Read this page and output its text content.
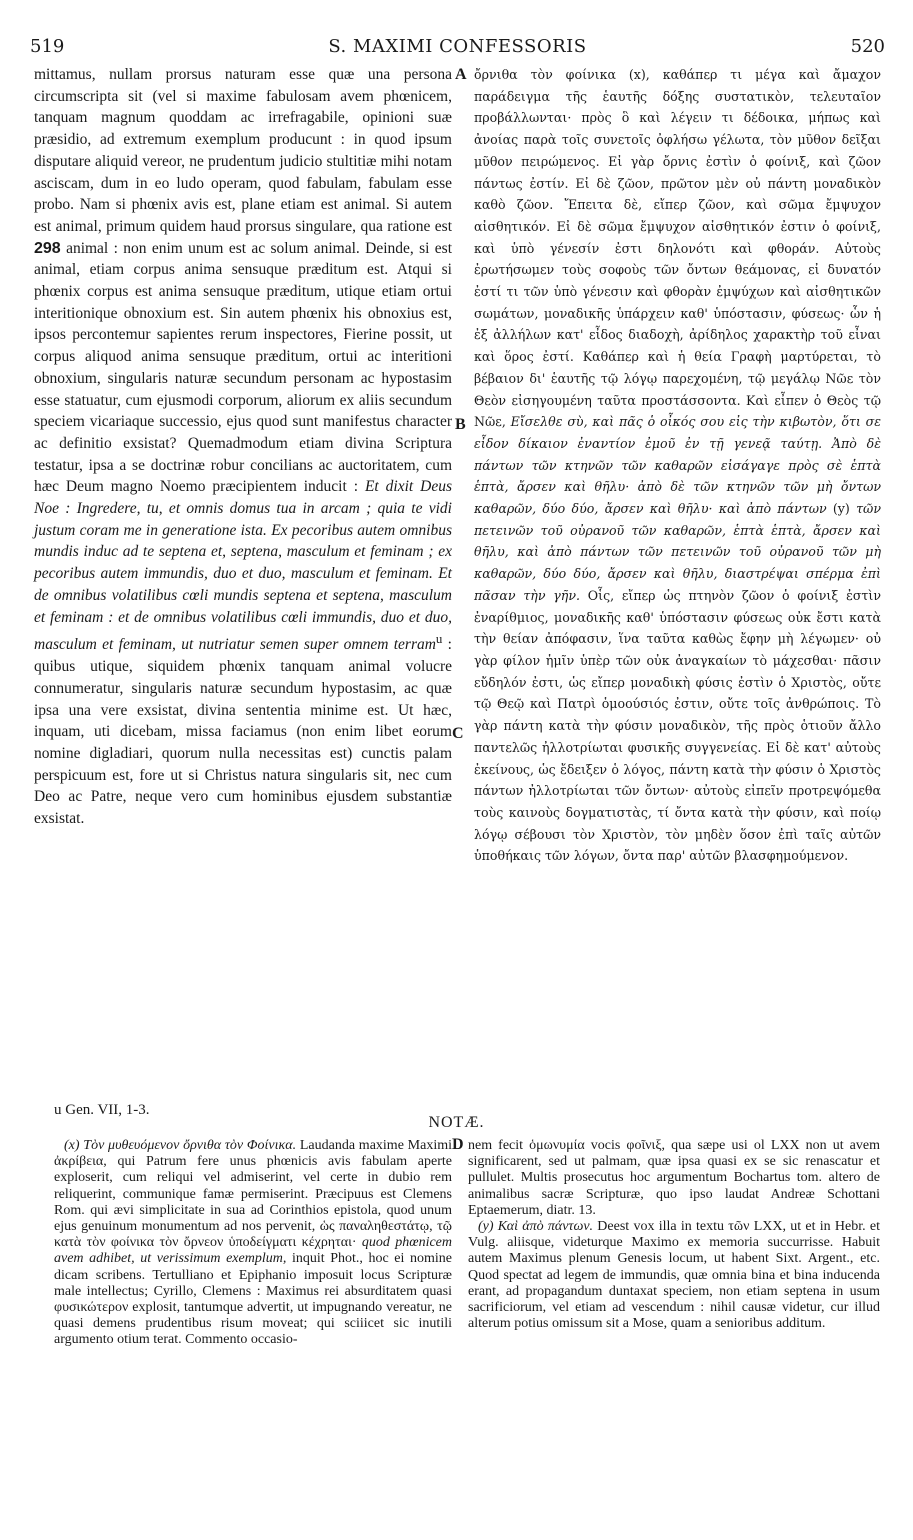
519	S. MAXIMI CONFESSORIS	520

mittamus, nullam prorsus naturam esse quæ una persona circumscripta sit (vel si maxime fabulosam avem phœnicem, tanquam magnum quoddam ac irrefragabile, opinioni suæ præsidio, ad extremum exemplum producunt : in quod ipsum disputare aliquid vereor, ne prudentum judicio stultitiæ mihi notam asciscam, dum in eo ludo operam, quod fabulam, fabulam esse probo. Nam si phœnix avis est, plane etiam est animal. Si autem est animal, primum quidem haud prorsus singulare, qua ratione est 298 animal : non enim unum est ac solum animal. Deinde, si est animal, etiam corpus anima sensuque præditum est. Atqui si phœnix corpus est anima sensuque præditum, utique etiam ortui interitionique obnoxium est. Sin autem phœnix his obnoxius est, ipsos percontemur sapientes rerum inspectores, Fierine possit, ut corpus aliquod anima sensuque præditum, ortui ac interitioni obnoxium, singularis naturæ secundum personam ac hypostasim esse statuatur, cum ejusmodi corporum, aliorum ex aliis secundum speciem vicariaque successio, ejus quod sunt manifestus character ac definitio exsistat? Quemadmodum etiam divina Scriptura testatur, ipsa a se doctrinæ robur concilians ac auctoritatem, cum hæc Deum magno Noemo præcipientem inducit : Et dixit Deus Noe : Ingredere, tu, et omnis domus tua in arcam ; quia te vidi justum coram me in generatione ista. Ex pecoribus autem omnibus mundis induc ad te septena et, septena, masculum et feminam ; ex pecoribus autem immundis, duo et duo, masculum et feminam. Et de omnibus volatilibus cœli mundis septena et septena, masculum et feminam : et de omnibus volatilibus cœli immundis, duo et duo, masculum et feminam, ut nutriatur semen super omnem terram$^u$ : quibus utique, siquidem phœnix tanquam animal volucre connumeratur, singularis naturæ secundum hypostasim, ac quæ ipsa una vere exsistat, divina sententia minime est. Ut hæc, inquam, uti dicebam, missa faciamus (non enim libet eorum nomine digladiari, quorum nulla necessitas est) cunctis palam perspicuum est, fore ut si Christus natura singularis sit, nec cum Deo ac Patre, neque vero cum hominibus ejusdem substantiæ exsistat.

ὄρνιθα τὸν φοίνικα (x), καθάπερ τι μέγα καὶ ἄμαχον παράδειγμα τῆς ἑαυτῆς δόξης συστατικὸν, τελευταῖον προβάλλωνται· πρὸς ὃ καὶ λέγειν τι δέδοικα, μήπως καὶ ἀνοίας παρὰ τοῖς συνετοῖς ὀφλήσω γέλωτα, τὸν μῦθον δεῖξαι μῦθον πειρώμενος. Εἰ γὰρ ὄρνις ἐστὶν ὁ φοίνιξ, καὶ ζῶον πάντως ἐστίν. Εἰ δὲ ζῶον, πρῶτον μὲν οὐ πάντη μοναδικὸν καθὸ ζῶον. Ἔπειτα δὲ, εἴπερ ζῶον, καὶ σῶμα ἔμψυχον αἰσθητικόν. Εἰ δὲ σῶμα ἔμψυχον αἰσθητικόν ἐστιν ὁ φοίνιξ, καὶ ὑπὸ γένεσίν ἐστι δηλονότι καὶ φθοράν. Αὐτοὺς ἐρωτήσωμεν τοὺς σοφοὺς τῶν ὄντων θεάμονας, εἰ δυνατόν ἐστί τι τῶν ὑπὸ γένεσιν καὶ φθορὰν ἐμψύχων καὶ αἰσθητικῶν σωμάτων, μοναδικῆς ὑπάρχειν καθ' ὑπόστασιν, φύσεως· ὧν ἡ ἐξ ἀλλήλων κατ' εἶδος διαδοχὴ, ἀρίδηλος χαρακτὴρ τοῦ εἶναι καὶ ὅρος ἐστί. Καθάπερ καὶ ἡ θεία Γραφὴ μαρτύρεται, τὸ βέβαιον δι' ἑαυτῆς τῷ λόγῳ παρεχομένη, τῷ μεγάλῳ Νῶε τὸν Θεὸν εἰσηγουμένη ταῦτα προστάσσοντα. Καὶ εἶπεν ὁ Θεὸς τῷ Νῶε, Εἴσελθε σὺ, καὶ πᾶς ὁ οἶκός σου εἰς τὴν κιβωτὸν, ὅτι σε εἶδον δίκαιον ἐναντίον ἐμοῦ ἐν τῇ γενεᾷ ταύτῃ. Ἀπὸ δὲ πάντων τῶν κτηνῶν τῶν καθαρῶν εἰσάγαγε πρὸς σὲ ἑπτὰ ἑπτὰ, ἄρσεν καὶ θῆλυ· ἀπὸ δὲ τῶν κτηνῶν τῶν μὴ ὄντων καθαρῶν, δύο δύο, ἄρσεν καὶ θῆλυ· καὶ ἀπὸ πάντων (y) τῶν πετεινῶν τοῦ οὐρανοῦ τῶν καθαρῶν, ἑπτὰ ἑπτὰ, ἄρσεν καὶ θῆλυ, καὶ ἀπὸ πάντων τῶν πετεινῶν τοῦ οὐρανοῦ τῶν μὴ καθαρῶν, δύο δύο, ἄρσεν καὶ θῆλυ, διαστρέψαι σπέρμα ἐπὶ πᾶσαν τὴν γῆν. Οἷς, εἴπερ ὡς πτηνὸν ζῶον ὁ φοίνιξ ἐστὶν ἐναρίθμιος, μοναδικῆς καθ' ὑπόστασιν φύσεως οὐκ ἔστι κατὰ τὴν θείαν ἀπόφασιν, ἵνα ταῦτα καθὼς ἔφην μὴ λέγωμεν· οὐ γὰρ φίλον ἡμῖν ὑπὲρ τῶν οὐκ ἀναγκαίων τὸ μάχεσθαι· πᾶσιν εὔδηλόν ἐστι, ὡς εἴπερ μοναδικὴ φύσις ἐστὶν ὁ Χριστὸς, οὔτε τῷ Θεῷ καὶ Πατρὶ ὁμοούσιός ἐστιν, οὔτε τοῖς ἀνθρώποις. Τὸ γὰρ πάντη κατὰ τὴν φύσιν μοναδικὸν, τῆς πρὸς ὁτιοῦν ἄλλο παντελῶς ἠλλοτρίωται φυσικῆς συγγενείας. Εἰ δὲ κατ' αὐτοὺς ἐκείνους, ὡς ἔδειξεν ὁ λόγος, πάντη κατὰ τὴν φύσιν ὁ Χριστὸς πάντων ἠλλοτρίωται τῶν ὄντων· αὐτοὺς εἰπεῖν προτρεψόμεθα τοὺς καινοὺς δογματιστὰς, τί ὄντα κατὰ τὴν φύσιν, καὶ ποίῳ λόγῳ σέβουσι τὸν Χριστὸν, τὸν μηδὲν ὅσον ἐπὶ ταῖς αὐτῶν ὑποθήκαις τῶν λόγων, ὄντα παρ' αὐτῶν βλασφημούμενον.

A
B
C
D
u Gen. VII, 1-3.
NOTÆ.

(x) Τὸν μυθευόμενον ὄρνιθα τὸν Φοίνικα. Laudanda maxime Maximi ἀκρίβεια, qui Patrum fere unus phœnicis avis fabulam aperte exploserit, cum reliqui vel admiserint, vel certe in dubio rem reliquerint, communique famæ permiserint. Præcipuus est Clemens Rom. qui ævi simplicitate in sua ad Corinthios epistola, quod unum ejus genuinum monumentum ad nos pervenit, ὡς παναληθεστάτῳ, τῷ κατὰ τὸν φοίνικα τὸν ὄρνεον ὑποδείγματι κέχρηται· quod phœnicem avem adhibet, ut verissimum exemplum, inquit Phot., hoc ei nomine dicam scribens. Tertulliano et Epiphanio imposuit locus Scripturæ male intellectus; Cyrillo, Clemens : Maximus rei absurditatem quasi φυσικώτερον explosit, tantumque advertit, ut impugnando vereatur, ne quasi demens prudentibus risum moveat; qui sciiicet sic inutili argumento otium terat. Commento occasio-

nem fecit ὁμωνυμία vocis φοῖνιξ, qua sæpe usi ol LXX non ut avem significarent, sed ut palmam, quæ ipsa quasi ex se sic renascatur et pullulet. Multis prosecutus hoc argumentum Bochartus tom. altero de animalibus sacræ Scripturæ, quo ipso laudat Andreæ Schottani Eptaemerum, diatr. 13.

(y) Καὶ ἀπὸ πάντων. Deest vox illa in textu τῶν LXX, ut et in Hebr. et Vulg. aliisque, videturque Maximo ex memoria succurrisse. Habuit autem Maximus plenum Genesis locum, ut habent Sixt. Argent., etc. Quod spectat ad legem de immundis, quæ omnia bina et bina inducenda erant, ad propagandum duntaxat speciem, non etiam septena in usum sacrificiorum, vel etiam ad vescendum : nihil causæ videtur, cur illud alterum potius omissum sit a Mose, quam a senioribus additum.
